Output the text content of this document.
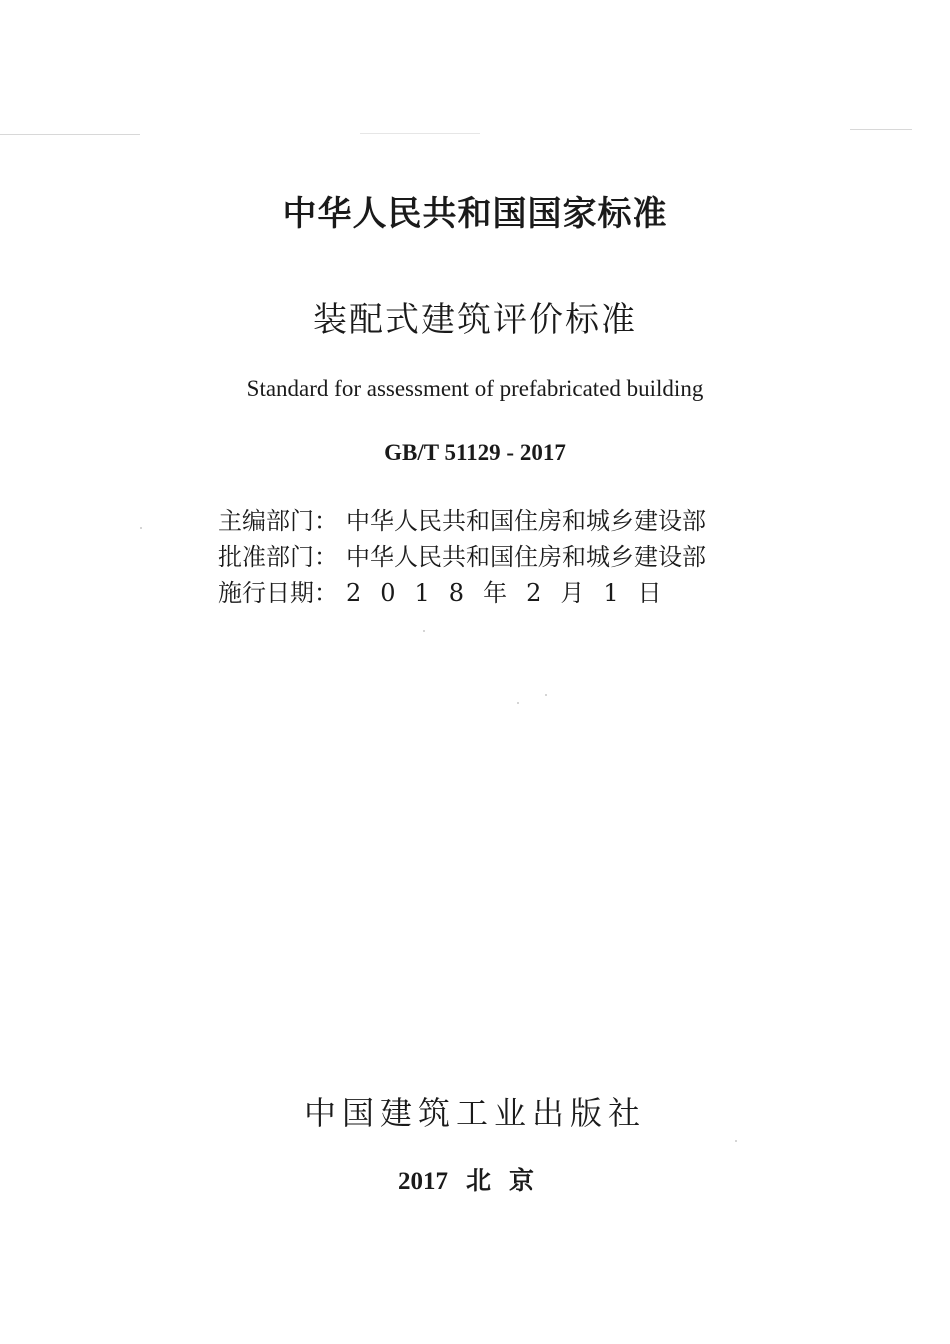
中华人民共和国国家标准
装配式建筑评价标准
Standard for assessment of prefabricated building
GB/T 51129 - 2017
主编部门： 中华人民共和国住房和城乡建设部
批准部门： 中华人民共和国住房和城乡建设部
施行日期： 2018年2月1日
中国建筑工业出版社
2017 北京
